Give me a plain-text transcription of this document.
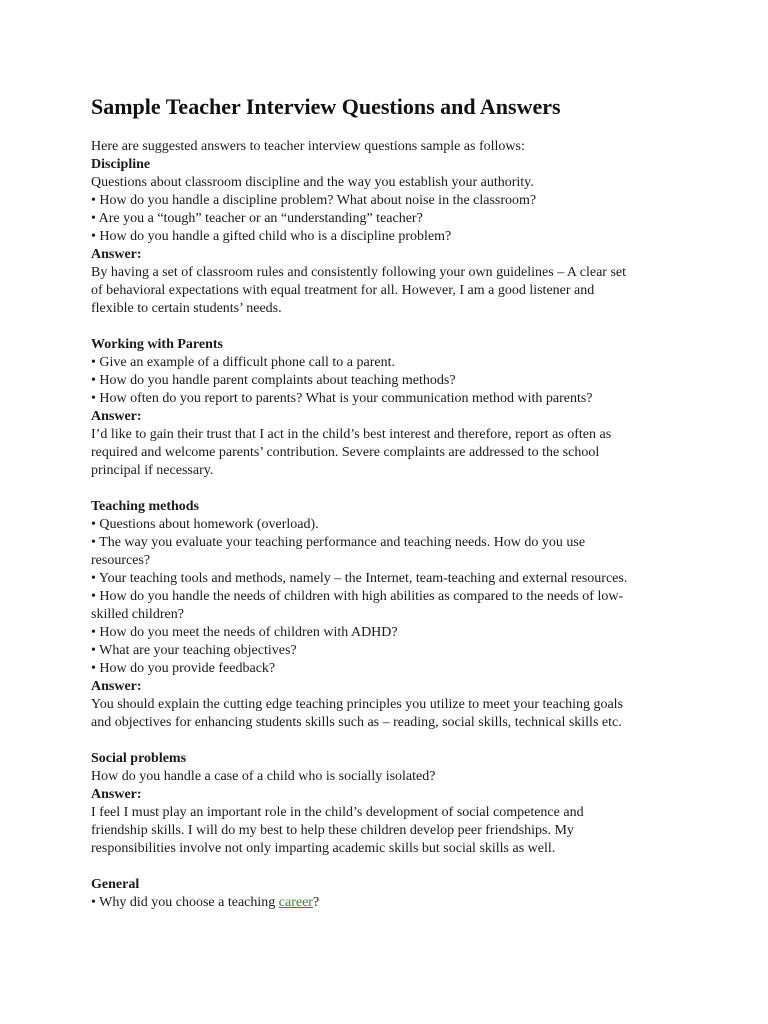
Sample Teacher Interview Questions and Answers

Here are suggested answers to teacher interview questions sample as follows:

Discipline

Questions about classroom discipline and the way you establish your authority.

• How do you handle a discipline problem? What about noise in the classroom?

• Are you a “tough” teacher or an “understanding” teacher?

• How do you handle a gifted child who is a discipline problem?

Answer:

By having a set of classroom rules and consistently following your own guidelines – A clear set

of behavioral expectations with equal treatment for all. However, I am a good listener and

flexible to certain students’ needs.

Working with Parents

• Give an example of a difficult phone call to a parent.

• How do you handle parent complaints about teaching methods?

• How often do you report to parents? What is your communication method with parents?

Answer:

I’d like to gain their trust that I act in the child’s best interest and therefore, report as often as

required and welcome parents’ contribution. Severe complaints are addressed to the school

principal if necessary.

Teaching methods

• Questions about homework (overload).

• The way you evaluate your teaching performance and teaching needs. How do you use

resources?

• Your teaching tools and methods, namely – the Internet, team-teaching and external resources.

• How do you handle the needs of children with high abilities as compared to the needs of low-

skilled children?

• How do you meet the needs of children with ADHD?

• What are your teaching objectives?

• How do you provide feedback?

Answer:

You should explain the cutting edge teaching principles you utilize to meet your teaching goals

and objectives for enhancing students skills such as – reading, social skills, technical skills etc.

Social problems

How do you handle a case of a child who is socially isolated?

Answer:

I feel I must play an important role in the child’s development of social competence and

friendship skills. I will do my best to help these children develop peer friendships. My

responsibilities involve not only imparting academic skills but social skills as well.

General

• Why did you choose a teaching career?
